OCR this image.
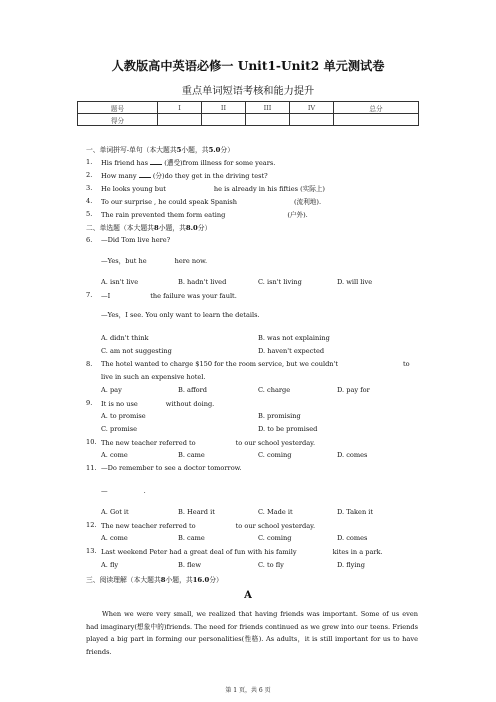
人教版高中英语必修一 Unit1-Unit2 单元测试卷
重点单词短语考核和能力提升
题号	I	II	III	IV	总分
得分					
一、单词拼写-单句（本大题共5小题，共5.0分）
1. His friend has (遭受)from illness for some years.
2. How many (分)do they get in the driving test?
3. He looks young but	he is already in his fifties (实际上)
4. To our surprise , he could speak Spanish	(流利地).
5. The rain prevented them form eating	(户外).
二、单选题（本大题共8小题，共8.0分）
6. —Did Tom live here?
—Yes，but he	here now.
A. isn't live	B. hadn't lived	C. isn't living	D. will live
7. —I	the failure was your fault.
—Yes，I see. You only want to learn the details.
A. didn't think	B. was not explaining
C. am not suggesting	D. haven't expected
8. The hotel wanted to charge $150 for the room service, but we couldn't	to
live in such an expensive hotel.
A. pay	B. afford	C. charge	D. pay for
9. It is no use	without doing.
A. to promise	B. promising
C. promise	D. to be promised
10. The new teacher referred to	to our school yesterday.
A. come	B. came	C. coming	D. comes
11. —Do remember to see a doctor tomorrow.
—	.
A. Got it	B. Heard it	C. Made it	D. Taken it
12. The new teacher referred to	to our school yesterday.
A. come	B. came	C. coming	D. comes
13. Last weekend Peter had a great deal of fun with his family	kites in a park.
A. fly	B. flew	C. to fly	D. flying
三、阅读理解（本大题共8小题，共16.0分）
A
When we were very small, we realized that having friends was important. Some of us even had imaginary(想象中的)friends. The need for friends continued as we grew into our teens. Friends played a big part in forming our personalities(性格). As adults，it is still important for us to have friends.
第 1 页，共 6 页
